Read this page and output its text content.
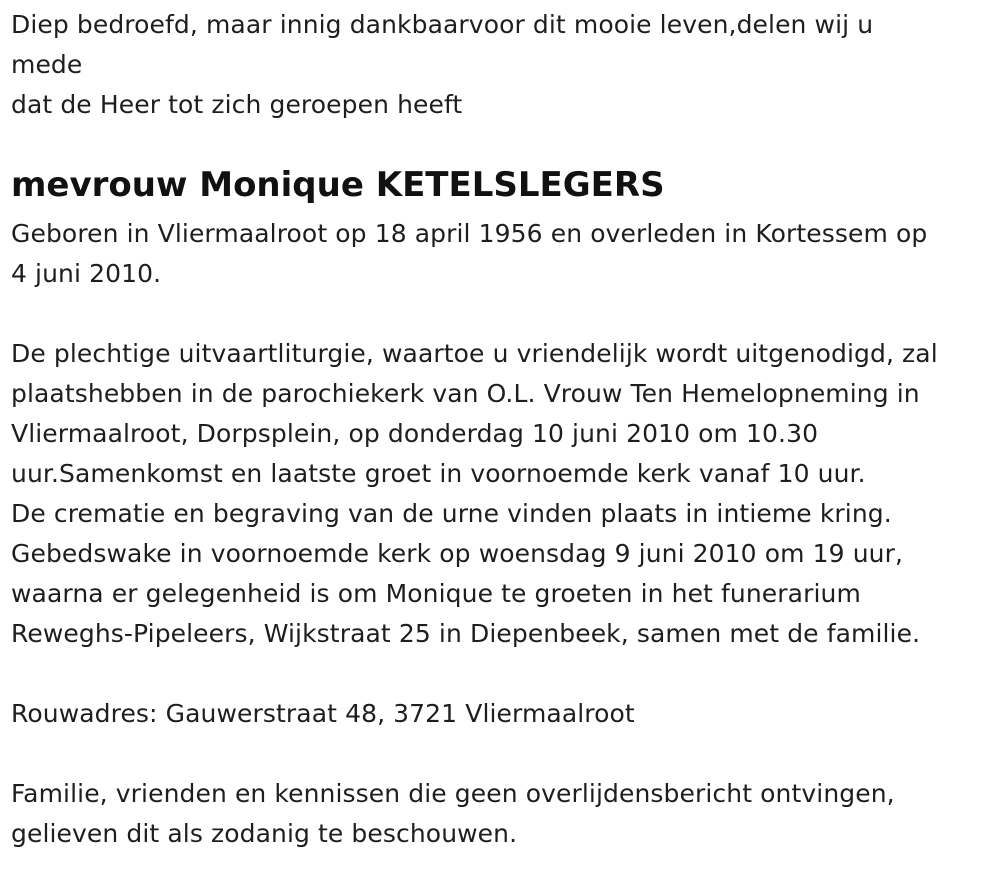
Diep bedroefd, maar innig dankbaarvoor dit mooie leven,delen wij u
mede
dat de Heer tot zich geroepen heeft
mevrouw Monique KETELSLEGERS
Geboren in Vliermaalroot op 18 april 1956 en overleden in Kortessem op
4 juni 2010.
De plechtige uitvaartliturgie, waartoe u vriendelijk wordt uitgenodigd, zal
plaatshebben in de parochiekerk van O.L. Vrouw Ten Hemelopneming in
Vliermaalroot, Dorpsplein, op donderdag 10 juni 2010 om 10.30
uur.Samenkomst en laatste groet in voornoemde kerk vanaf 10 uur.
De crematie en begraving van de urne vinden plaats in intieme kring.
Gebedswake in voornoemde kerk op woensdag 9 juni 2010 om 19 uur,
waarna er gelegenheid is om Monique te groeten in het funerarium
Reweghs-Pipeleers, Wijkstraat 25 in Diepenbeek, samen met de familie.
Rouwadres: Gauwerstraat 48, 3721 Vliermaalroot
Familie, vrienden en kennissen die geen overlijdensbericht ontvingen,
gelieven dit als zodanig te beschouwen.
